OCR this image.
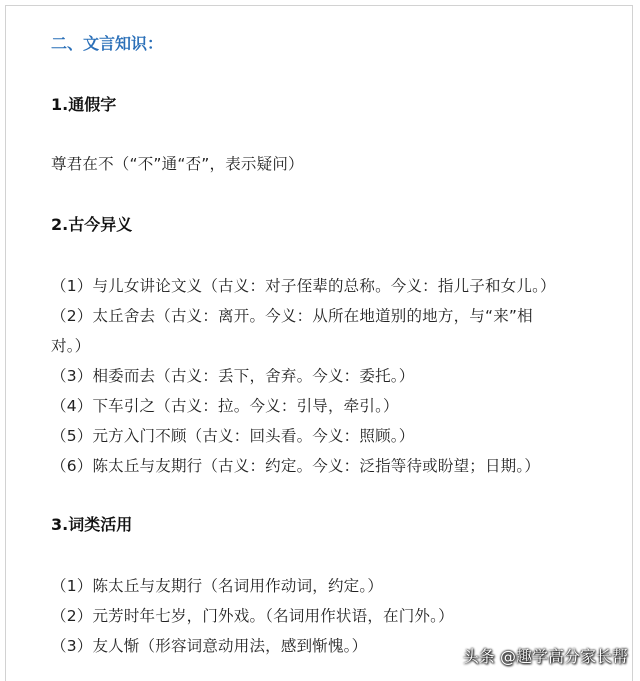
二、文言知识：
1.通假字
尊君在不（“不”通“否”，表示疑问）
2.古今异义
（1）与儿女讲论文义（古义：对子侄辈的总称。今义：指儿子和女儿。）
（2）太丘舍去（古义：离开。今义：从所在地道别的地方，与“来”相
对。）
（3）相委而去（古义：丢下，舍弃。今义：委托。）
（4）下车引之（古义：拉。今义：引导，牵引。）
（5）元方入门不顾（古义：回头看。今义：照顾。）
（6）陈太丘与友期行（古义：约定。今义：泛指等待或盼望；日期。）
3.词类活用
（1）陈太丘与友期行（名词用作动词，约定。）
（2）元芳时年七岁，门外戏。（名词用作状语，在门外。）
（3）友人惭（形容词意动用法，感到惭愧。）
头条 @趣学高分家长帮
